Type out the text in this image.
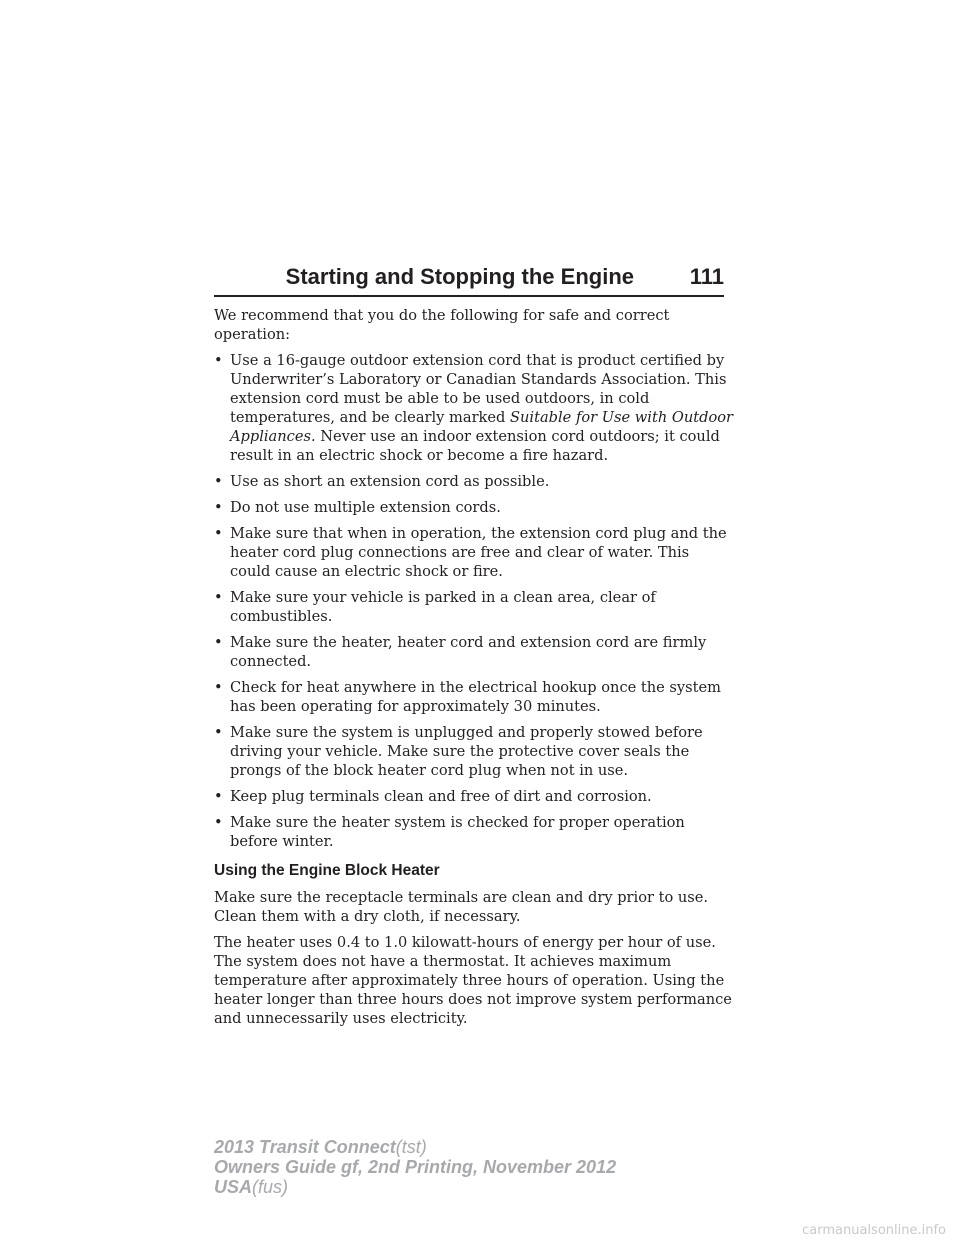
Starting and Stopping the Engine	111

We recommend that you do the following for safe and correct operation:

• Use a 16-gauge outdoor extension cord that is product certified by Underwriter’s Laboratory or Canadian Standards Association. This extension cord must be able to be used outdoors, in cold temperatures, and be clearly marked Suitable for Use with Outdoor Appliances. Never use an indoor extension cord outdoors; it could result in an electric shock or become a fire hazard.
• Use as short an extension cord as possible.
• Do not use multiple extension cords.
• Make sure that when in operation, the extension cord plug and the heater cord plug connections are free and clear of water. This could cause an electric shock or fire.
• Make sure your vehicle is parked in a clean area, clear of combustibles.
• Make sure the heater, heater cord and extension cord are firmly connected.
• Check for heat anywhere in the electrical hookup once the system has been operating for approximately 30 minutes.
• Make sure the system is unplugged and properly stowed before driving your vehicle. Make sure the protective cover seals the prongs of the block heater cord plug when not in use.
• Keep plug terminals clean and free of dirt and corrosion.
• Make sure the heater system is checked for proper operation before winter.
Using the Engine Block Heater

Make sure the receptacle terminals are clean and dry prior to use. Clean them with a dry cloth, if necessary.

The heater uses 0.4 to 1.0 kilowatt-hours of energy per hour of use. The system does not have a thermostat. It achieves maximum temperature after approximately three hours of operation. Using the heater longer than three hours does not improve system performance and unnecessarily uses electricity.

2013 Transit Connect(tst)
Owners Guide gf, 2nd Printing, November 2012
USA(fus)
carmanualsonline.info
